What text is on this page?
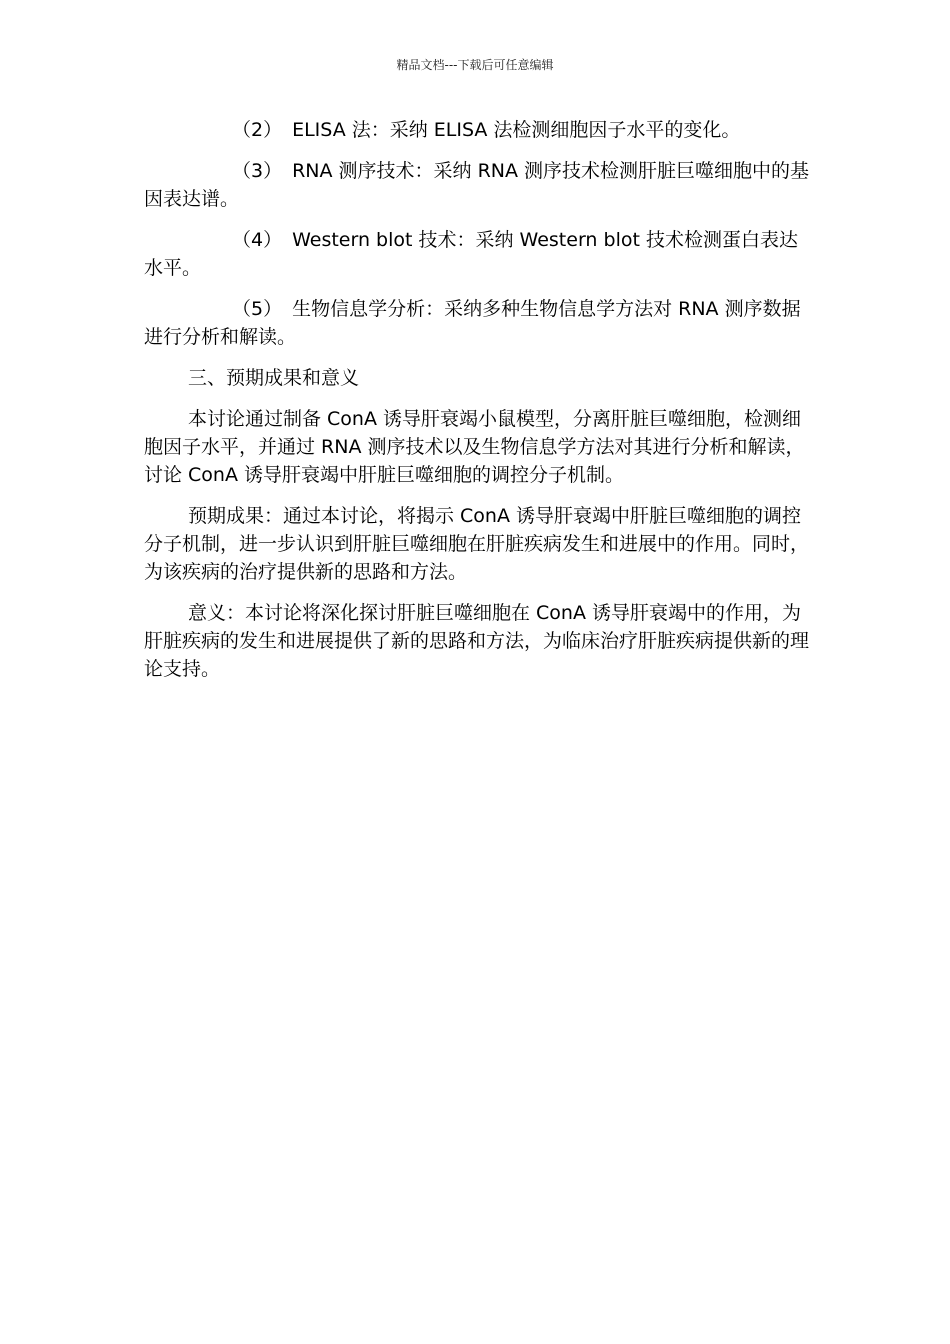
精品文档---下载后可任意编辑

（2） ELISA 法：采纳 ELISA 法检测细胞因子水平的变化。

（3） RNA 测序技术：采纳 RNA 测序技术检测肝脏巨噬细胞中的基因表达谱。

（4） Western blot 技术：采纳 Western blot 技术检测蛋白表达水平。

（5） 生物信息学分析：采纳多种生物信息学方法对 RNA 测序数据进行分析和解读。

三、预期成果和意义

本讨论通过制备 ConA 诱导肝衰竭小鼠模型，分离肝脏巨噬细胞，检测细胞因子水平，并通过 RNA 测序技术以及生物信息学方法对其进行分析和解读，讨论 ConA 诱导肝衰竭中肝脏巨噬细胞的调控分子机制。

预期成果：通过本讨论，将揭示 ConA 诱导肝衰竭中肝脏巨噬细胞的调控分子机制，进一步认识到肝脏巨噬细胞在肝脏疾病发生和进展中的作用。同时，为该疾病的治疗提供新的思路和方法。

意义：本讨论将深化探讨肝脏巨噬细胞在 ConA 诱导肝衰竭中的作用，为肝脏疾病的发生和进展提供了新的思路和方法，为临床治疗肝脏疾病提供新的理论支持。
